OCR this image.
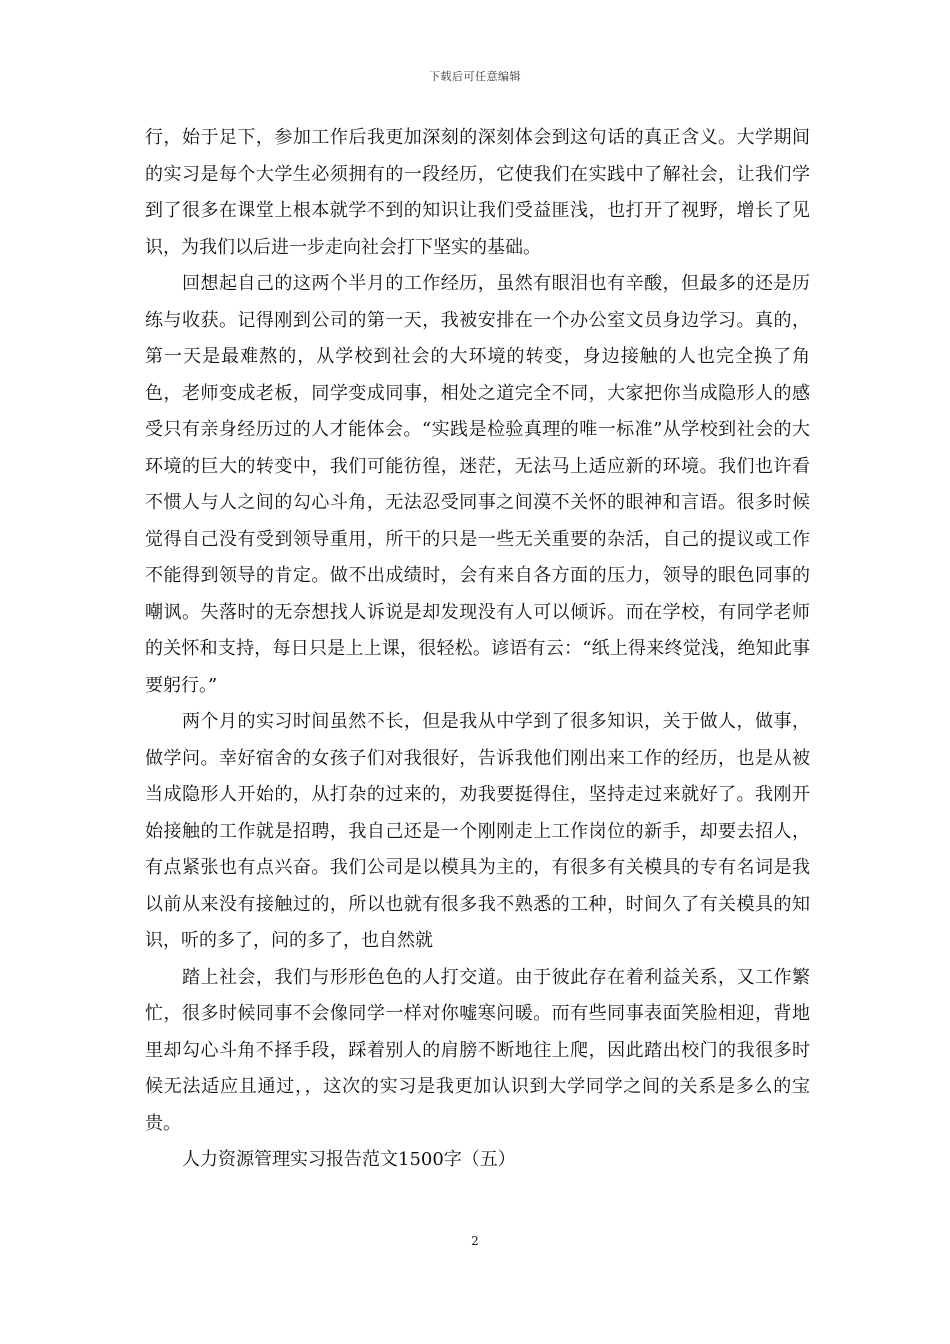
下载后可任意编辑

行，始于足下，参加工作后我更加深刻的深刻体会到这句话的真正含义。大学期间的实习是每个大学生必须拥有的一段经历，它使我们在实践中了解社会，让我们学到了很多在课堂上根本就学不到的知识让我们受益匪浅，也打开了视野，增长了见识，为我们以后进一步走向社会打下坚实的基础。

回想起自己的这两个半月的工作经历，虽然有眼泪也有辛酸，但最多的还是历练与收获。记得刚到公司的第一天，我被安排在一个办公室文员身边学习。真的，第一天是最难熬的，从学校到社会的大环境的转变，身边接触的人也完全换了角色，老师变成老板，同学变成同事，相处之道完全不同，大家把你当成隐形人的感受只有亲身经历过的人才能体会。“实践是检验真理的唯一标准”从学校到社会的大环境的巨大的转变中，我们可能彷徨，迷茫，无法马上适应新的环境。我们也许看不惯人与人之间的勾心斗角，无法忍受同事之间漠不关怀的眼神和言语。很多时候觉得自己没有受到领导重用，所干的只是一些无关重要的杂活，自己的提议或工作不能得到领导的肯定。做不出成绩时，会有来自各方面的压力，领导的眼色同事的嘲讽。失落时的无奈想找人诉说是却发现没有人可以倾诉。而在学校，有同学老师的关怀和支持，每日只是上上课，很轻松。谚语有云：“纸上得来终觉浅，绝知此事要躬行。”

两个月的实习时间虽然不长，但是我从中学到了很多知识，关于做人，做事，做学问。幸好宿舍的女孩子们对我很好，告诉我他们刚出来工作的经历，也是从被当成隐形人开始的，从打杂的过来的，劝我要挺得住，坚持走过来就好了。我刚开始接触的工作就是招聘，我自己还是一个刚刚走上工作岗位的新手，却要去招人，有点紧张也有点兴奋。我们公司是以模具为主的，有很多有关模具的专有名词是我以前从来没有接触过的，所以也就有很多我不熟悉的工种，时间久了有关模具的知识，听的多了，问的多了，也自然就

踏上社会，我们与形形色色的人打交道。由于彼此存在着利益关系，又工作繁忙，很多时候同事不会像同学一样对你嘘寒问暖。而有些同事表面笑脸相迎，背地里却勾心斗角不择手段，踩着别人的肩膀不断地往上爬，因此踏出校门的我很多时候无法适应且通过，，这次的实习是我更加认识到大学同学之间的关系是多么的宝贵。

人力资源管理实习报告范文1500字（五）

2
